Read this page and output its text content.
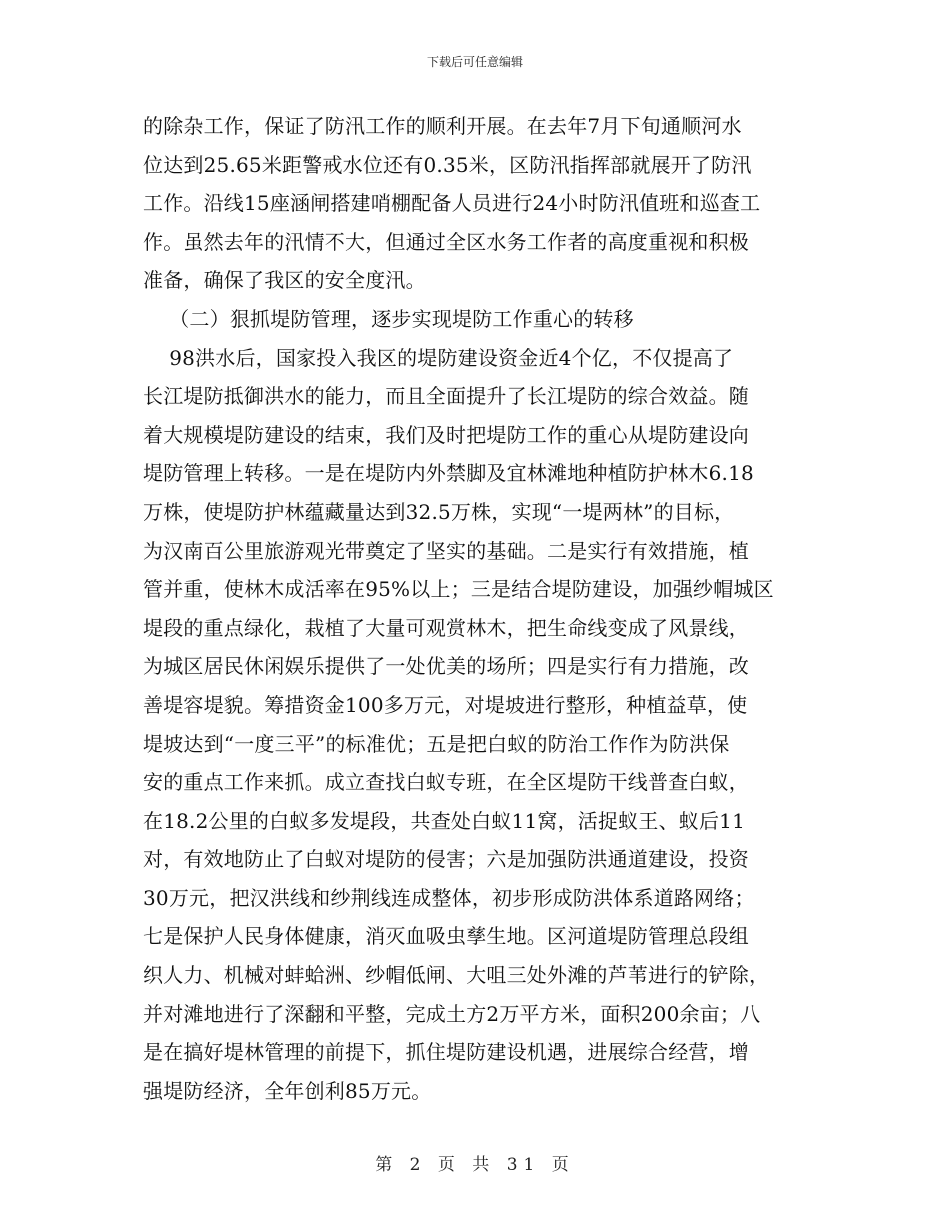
下载后可任意编辑
的除杂工作，保证了防汛工作的顺利开展。在去年7月下旬通顺河水
位达到25.65米距警戒水位还有0.35米，区防汛指挥部就展开了防汛
工作。沿线15座涵闸搭建哨棚配备人员进行24小时防汛值班和巡查工
作。虽然去年的汛情不大，但通过全区水务工作者的高度重视和积极
准备，确保了我区的安全度汛。
（二）狠抓堤防管理，逐步实现堤防工作重心的转移
98洪水后，国家投入我区的堤防建设资金近4个亿，不仅提高了
长江堤防抵御洪水的能力，而且全面提升了长江堤防的综合效益。随
着大规模堤防建设的结束，我们及时把堤防工作的重心从堤防建设向
堤防管理上转移。一是在堤防内外禁脚及宜林滩地种植防护林木6.18
万株，使堤防护林蕴藏量达到32.5万株，实现“一堤两林”的目标，
为汉南百公里旅游观光带奠定了坚实的基础。二是实行有效措施，植
管并重，使林木成活率在95%以上；三是结合堤防建设，加强纱帽城区
堤段的重点绿化，栽植了大量可观赏林木，把生命线变成了风景线，
为城区居民休闲娱乐提供了一处优美的场所；四是实行有力措施，改
善堤容堤貌。筹措资金100多万元，对堤坡进行整形，种植益草，使
堤坡达到“一度三平”的标准优；五是把白蚁的防治工作作为防洪保
安的重点工作来抓。成立查找白蚁专班，在全区堤防干线普查白蚁，
在18.2公里的白蚁多发堤段，共查处白蚁11窝，活捉蚁王、蚁后11
对，有效地防止了白蚁对堤防的侵害；六是加强防洪通道建设，投资
30万元，把汉洪线和纱荆线连成整体，初步形成防洪体系道路网络；
七是保护人民身体健康，消灭血吸虫孳生地。区河道堤防管理总段组
织人力、机械对蚌蛤洲、纱帽低闸、大咀三处外滩的芦苇进行的铲除，
并对滩地进行了深翻和平整，完成土方2万平方米，面积200余亩；八
是在搞好堤林管理的前提下，抓住堤防建设机遇，进展综合经营，增
强堤防经济，全年创利85万元。
第 2 页 共 31 页
